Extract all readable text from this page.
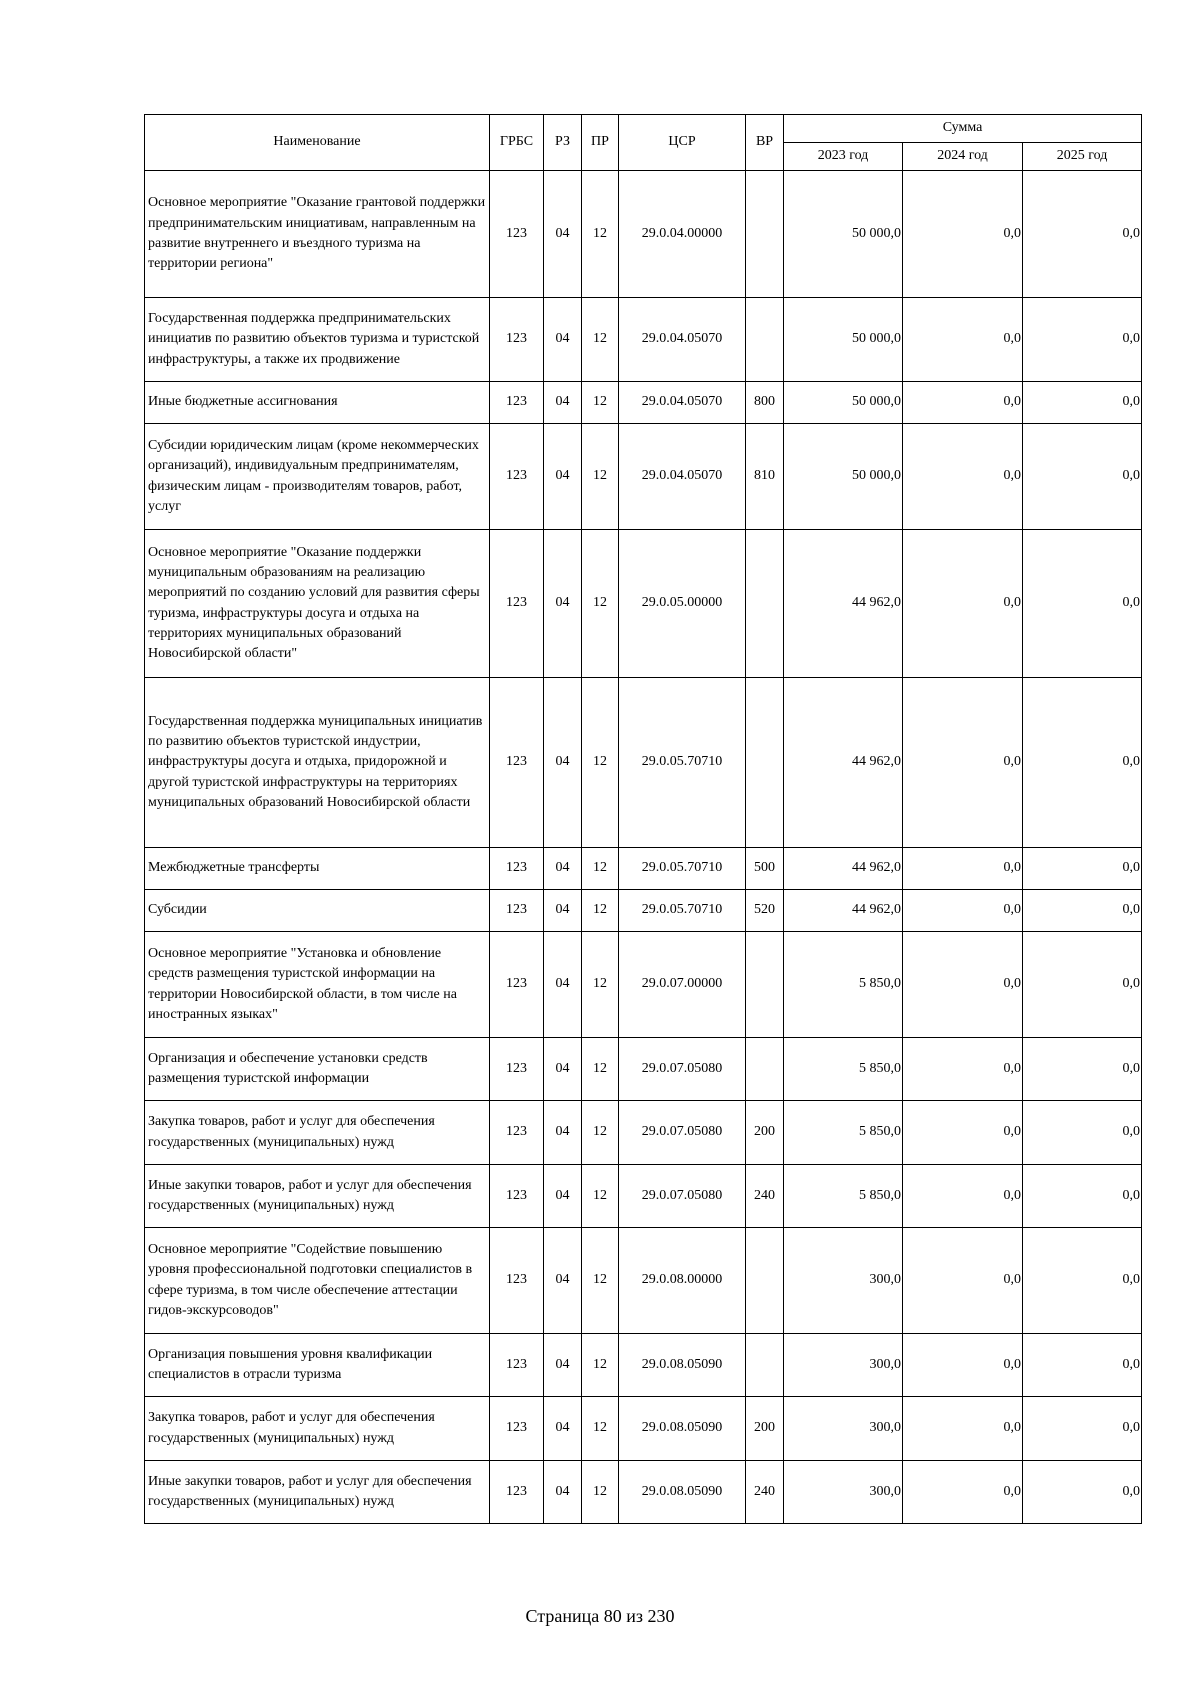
Наименование	ГРБС	РЗ	ПР	ЦСР	ВР	Сумма		
						2023 год	2024 год	2025 год
Основное мероприятие "Оказание грантовой поддержки предпринимательским инициативам, направленным на развитие внутреннего и въездного туризма на территории региона"	123	04	12	29.0.04.00000		50 000,0	0,0	0,0
Государственная поддержка предпринимательских инициатив по развитию объектов туризма и туристской инфраструктуры, а также их продвижение	123	04	12	29.0.04.05070		50 000,0	0,0	0,0
Иные бюджетные ассигнования	123	04	12	29.0.04.05070	800	50 000,0	0,0	0,0
Субсидии юридическим лицам (кроме некоммерческих организаций), индивидуальным предпринимателям, физическим лицам - производителям товаров, работ, услуг	123	04	12	29.0.04.05070	810	50 000,0	0,0	0,0
Основное мероприятие "Оказание поддержки муниципальным образованиям на реализацию мероприятий по созданию условий для развития сферы туризма, инфраструктуры досуга и отдыха на территориях муниципальных образований Новосибирской области"	123	04	12	29.0.05.00000		44 962,0	0,0	0,0
Государственная поддержка муниципальных инициатив по развитию объектов туристской индустрии, инфраструктуры досуга и отдыха, придорожной и другой туристской инфраструктуры на территориях муниципальных образований Новосибирской области	123	04	12	29.0.05.70710		44 962,0	0,0	0,0
Межбюджетные трансферты	123	04	12	29.0.05.70710	500	44 962,0	0,0	0,0
Субсидии	123	04	12	29.0.05.70710	520	44 962,0	0,0	0,0
Основное мероприятие "Установка и обновление средств размещения туристской информации на территории Новосибирской области, в том числе на иностранных языках"	123	04	12	29.0.07.00000		5 850,0	0,0	0,0
Организация и обеспечение установки средств размещения туристской информации	123	04	12	29.0.07.05080		5 850,0	0,0	0,0
Закупка товаров, работ и услуг для обеспечения государственных (муниципальных) нужд	123	04	12	29.0.07.05080	200	5 850,0	0,0	0,0
Иные закупки товаров, работ и услуг для обеспечения государственных (муниципальных) нужд	123	04	12	29.0.07.05080	240	5 850,0	0,0	0,0
Основное мероприятие "Содействие повышению уровня профессиональной подготовки специалистов в сфере туризма, в том числе обеспечение аттестации гидов-экскурсоводов"	123	04	12	29.0.08.00000		300,0	0,0	0,0
Организация повышения уровня квалификации специалистов в отрасли туризма	123	04	12	29.0.08.05090		300,0	0,0	0,0
Закупка товаров, работ и услуг для обеспечения государственных (муниципальных) нужд	123	04	12	29.0.08.05090	200	300,0	0,0	0,0
Иные закупки товаров, работ и услуг для обеспечения государственных (муниципальных) нужд	123	04	12	29.0.08.05090	240	300,0	0,0	0,0
Страница 80 из 230
